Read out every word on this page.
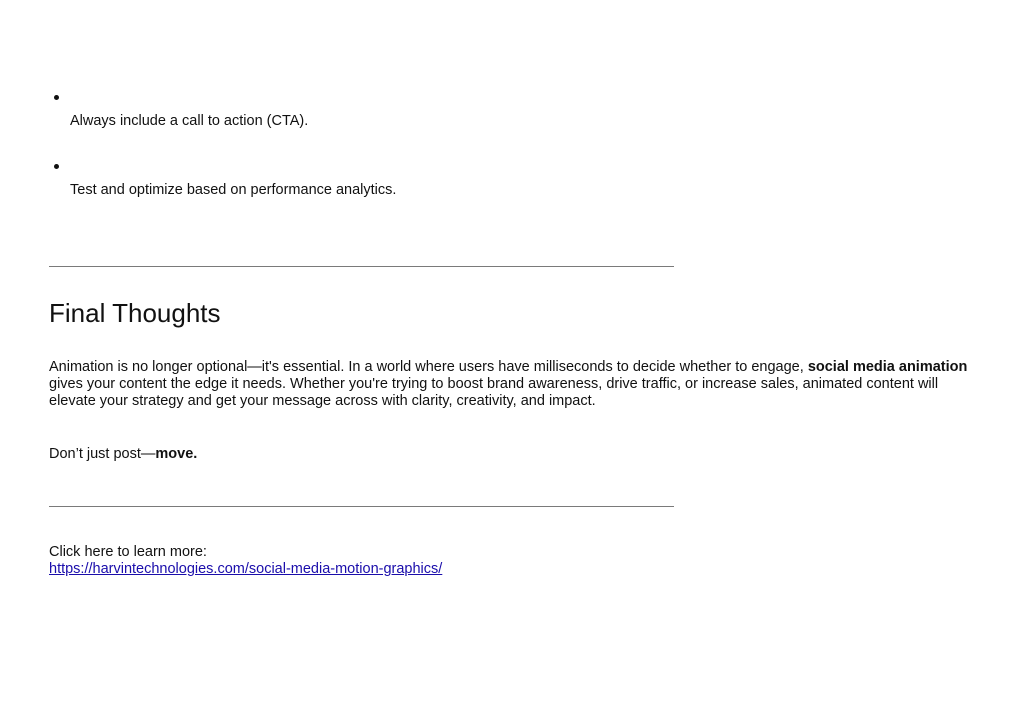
Always include a call to action (CTA).
Test and optimize based on performance analytics.
Final Thoughts

Animation is no longer optional—it's essential. In a world where users have milliseconds to decide whether to engage, social media animation gives your content the edge it needs. Whether you're trying to boost brand awareness, drive traffic, or increase sales, animated content will elevate your strategy and get your message across with clarity, creativity, and impact.

Don’t just post—move.

Click here to learn more:
https://harvintechnologies.com/social-media-motion-graphics/
